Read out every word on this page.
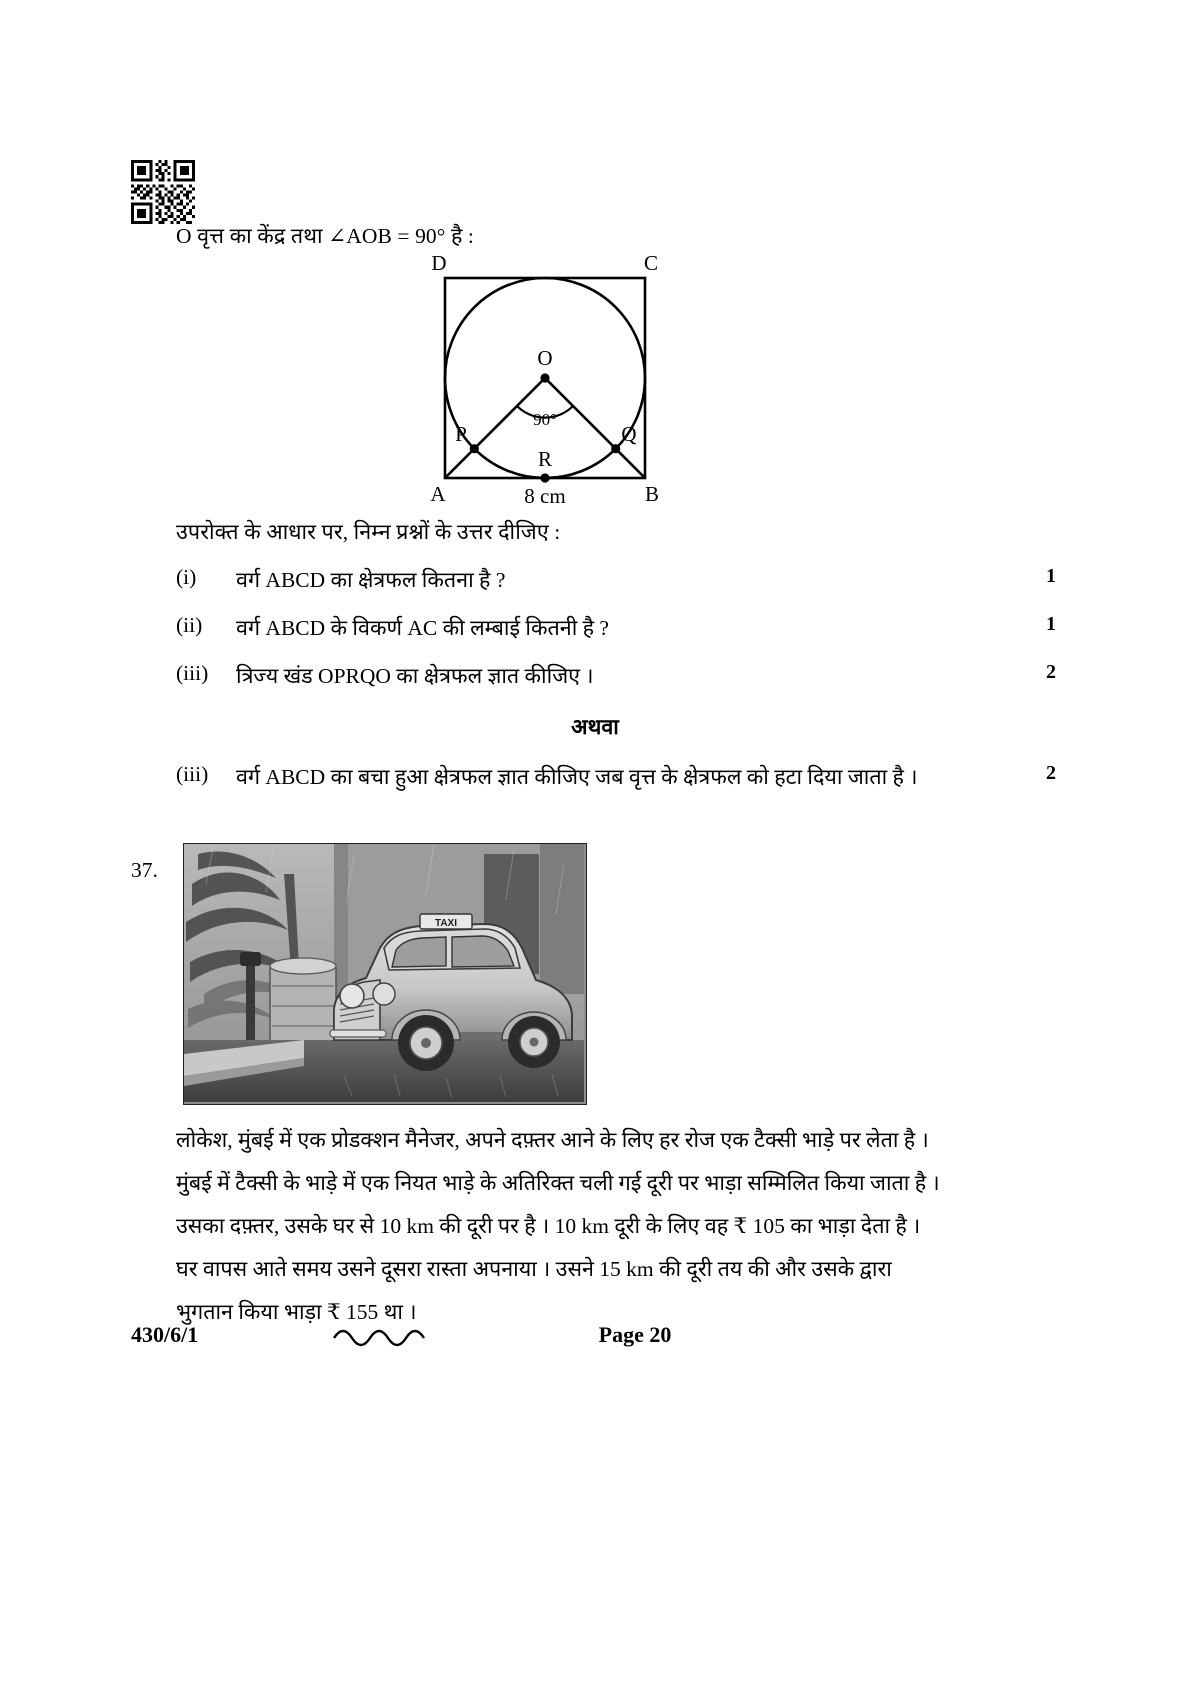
O वृत्त का केंद्र तथा ∠AOB = 90° है :
D	C
A	B
O
P	Q
R
90°
8 cm
उपरोक्त के आधार पर, निम्न प्रश्नों के उत्तर दीजिए :
(i) वर्ग ABCD का क्षेत्रफल कितना है ?	1
(ii) वर्ग ABCD के विकर्ण AC की लम्बाई कितनी है ?	1
(iii) त्रिज्य खंड OPRQO का क्षेत्रफल ज्ञात कीजिए ।	2
अथवा
(iii) वर्ग ABCD का बचा हुआ क्षेत्रफल ज्ञात कीजिए जब वृत्त के क्षेत्रफल को हटा दिया जाता है ।	2
37.
TAXI
लोकेश, मुंबई में एक प्रोडक्शन मैनेजर, अपने दफ़्तर आने के लिए हर रोज एक टैक्सी भाड़े पर लेता है ।
मुंबई में टैक्सी के भाड़े में एक नियत भाड़े के अतिरिक्त चली गई दूरी पर भाड़ा सम्मिलित किया जाता है ।
उसका दफ़्तर, उसके घर से 10 km की दूरी पर है । 10 km दूरी के लिए वह ₹ 105 का भाड़ा देता है ।
घर वापस आते समय उसने दूसरा रास्ता अपनाया । उसने 15 km की दूरी तय की और उसके द्वारा
भुगतान किया भाड़ा ₹ 155 था ।
430/6/1	Page 20
